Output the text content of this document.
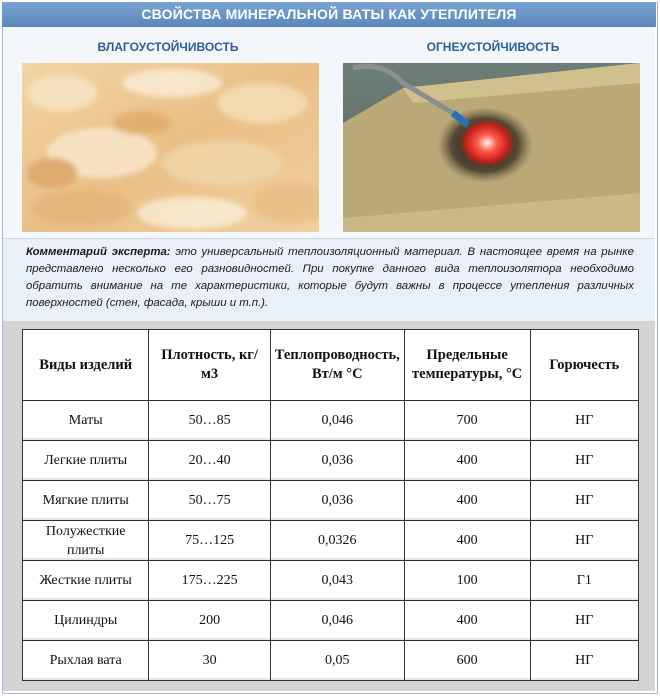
СВОЙСТВА МИНЕРАЛЬНОЙ ВАТЫ КАК УТЕПЛИТЕЛЯ
ВЛАГОУСТОЙЧИВОСТЬ	ОГНЕУСТОЙЧИВОСТЬ
Комментарий эксперта: это универсальный теплоизоляционный материал. В настоящее время на рынке представлено несколько его разновидностей. При покупке данного вида теплоизолятора необходимо обратить внимание на те характеристики, которые будут важны в процессе утепления различных поверхностей (стен, фасада, крыши и т.п.).
Виды изделий	Плотность, кг/м3	Теплопроводность, Вт/м °С	Предельные температуры, °С	Горючесть
Маты	50…85	0,046	700	НГ
Легкие плиты	20…40	0,036	400	НГ
Мягкие плиты	50…75	0,036	400	НГ
Полужесткие плиты	75…125	0,0326	400	НГ
Жесткие плиты	175…225	0,043	100	Г1
Цилиндры	200	0,046	400	НГ
Рыхлая вата	30	0,05	600	НГ
